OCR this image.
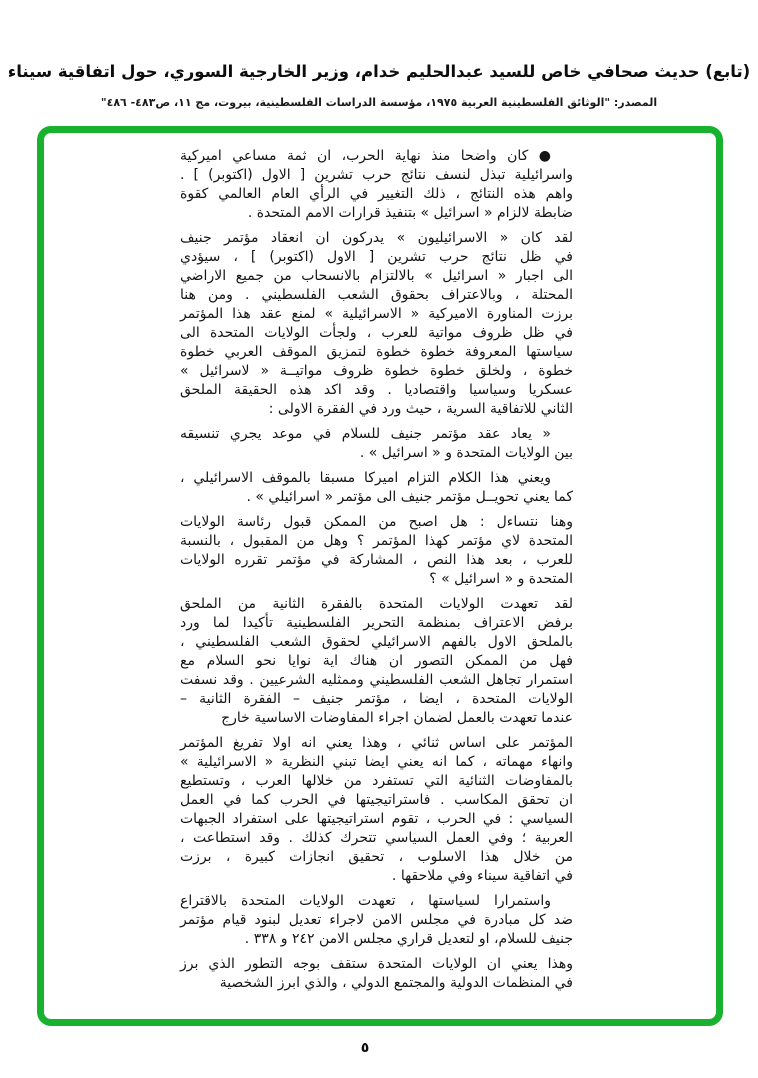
(تابع) حديث صحافي خاص للسيد عبدالحليم خدام، وزير الخارجية السوري، حول اتفاقية سيناء
المصدر: "الوثائق الفلسطينية العربية ١٩٧٥، مؤسسة الدراسات الفلسطينية، بيروت، مج ١١، ص٤٨٣- ٤٨٦"
● كان واضحا منذ نهاية الحرب، ان ثمة مساعي اميركية
واسرائيلية تبذل لنسف نتائج حرب تشرين [ الاول (اكتوبر) ] .
واهم هذه النتائج ، ذلك التغيير في الرأي العام العالمي كقوة
ضابطة لالزام « اسرائيل » بتنفيذ قرارات الامم المتحدة .
لقد كان « الاسرائيليون » يدركون ان انعقاد مؤتمر جنيف
في ظل نتائج حرب تشرين [ الاول (اكتوبر) ] ، سيؤدي
الى اجبار « اسرائيل » بالالتزام بالانسحاب من جميع الاراضي
المحتلة ، وبالاعتراف بحقوق الشعب الفلسطيني . ومن هنا
برزت المناورة الاميركية « الاسرائيلية » لمنع عقد هذا المؤتمر
في ظل ظروف مواتية للعرب ، ولجأت الولايات المتحدة الى
سياستها المعروفة خطوة خطوة لتمزيق الموقف العربي خطوة
خطوة ، ولخلق خطوة خطوة ظروف مواتيــة « لاسرائيل »
عسكريا وسياسيا واقتصاديا . وقد اكد هذه الحقيقة الملحق
الثاني للاتفاقية السرية ، حيث ورد في الفقرة الاولى :
« يعاد عقد مؤتمر جنيف للسلام في موعد يجري تنسيقه
بين الولايات المتحدة و « اسرائيل » .
ويعني هذا الكلام التزام اميركا مسبقا بالموقف الاسرائيلي ،
كما يعني تحويــل مؤتمر جنيف الى مؤتمر « اسرائيلي » .
وهنا نتساءل : هل اصبح من الممكن قبول رئاسة الولايات
المتحدة لاي مؤتمر كهذا المؤتمر ؟ وهل من المقبول ، بالنسبة
للعرب ، بعد هذا النص ، المشاركة في مؤتمر تقرره الولايات
المتحدة و « اسرائيل » ؟
لقد تعهدت الولايات المتحدة بالفقرة الثانية من الملحق
برفض الاعتراف بمنظمة التحرير الفلسطينية تأكيدا لما ورد
بالملحق الاول بالفهم الاسرائيلي لحقوق الشعب الفلسطيني ،
فهل من الممكن التصور ان هناك اية نوايا نحو السلام مع
استمرار تجاهل الشعب الفلسطيني وممثليه الشرعيين . وقد نسفت
الولايات المتحدة ، ايضا ، مؤتمر جنيف – الفقرة الثانية –
عندما تعهدت بالعمل لضمان اجراء المفاوضات الاساسية خارج
المؤتمر على اساس ثنائي ، وهذا يعني انه اولا تفريغ المؤتمر
وانهاء مهماته ، كما انه يعني ايضا تبني النظرية « الاسرائيلية »
بالمفاوضات الثنائية التي تستفرد من خلالها العرب ، وتستطيع
ان تحقق المكاسب . فاستراتيجيتها في الحرب كما في العمل
السياسي : في الحرب ، تقوم استراتيجيتها على استفراد الجبهات
العربية ؛ وفي العمل السياسي تتحرك كذلك . وقد استطاعت ،
من خلال هذا الاسلوب ، تحقيق انجازات كبيرة ، برزت
في اتفاقية سيناء وفي ملاحقها .
واستمرارا لسياستها ، تعهدت الولايات المتحدة بالاقتراع
ضد كل مبادرة في مجلس الامن لاجراء تعديل لبنود قيام مؤتمر
جنيف للسلام، او لتعديل قراري مجلس الامن ٢٤٢ و ٣٣٨ .
وهذا يعني ان الولايات المتحدة ستقف بوجه التطور الذي برز
في المنظمات الدولية والمجتمع الدولي ، والذي ابرز الشخصية
٥
